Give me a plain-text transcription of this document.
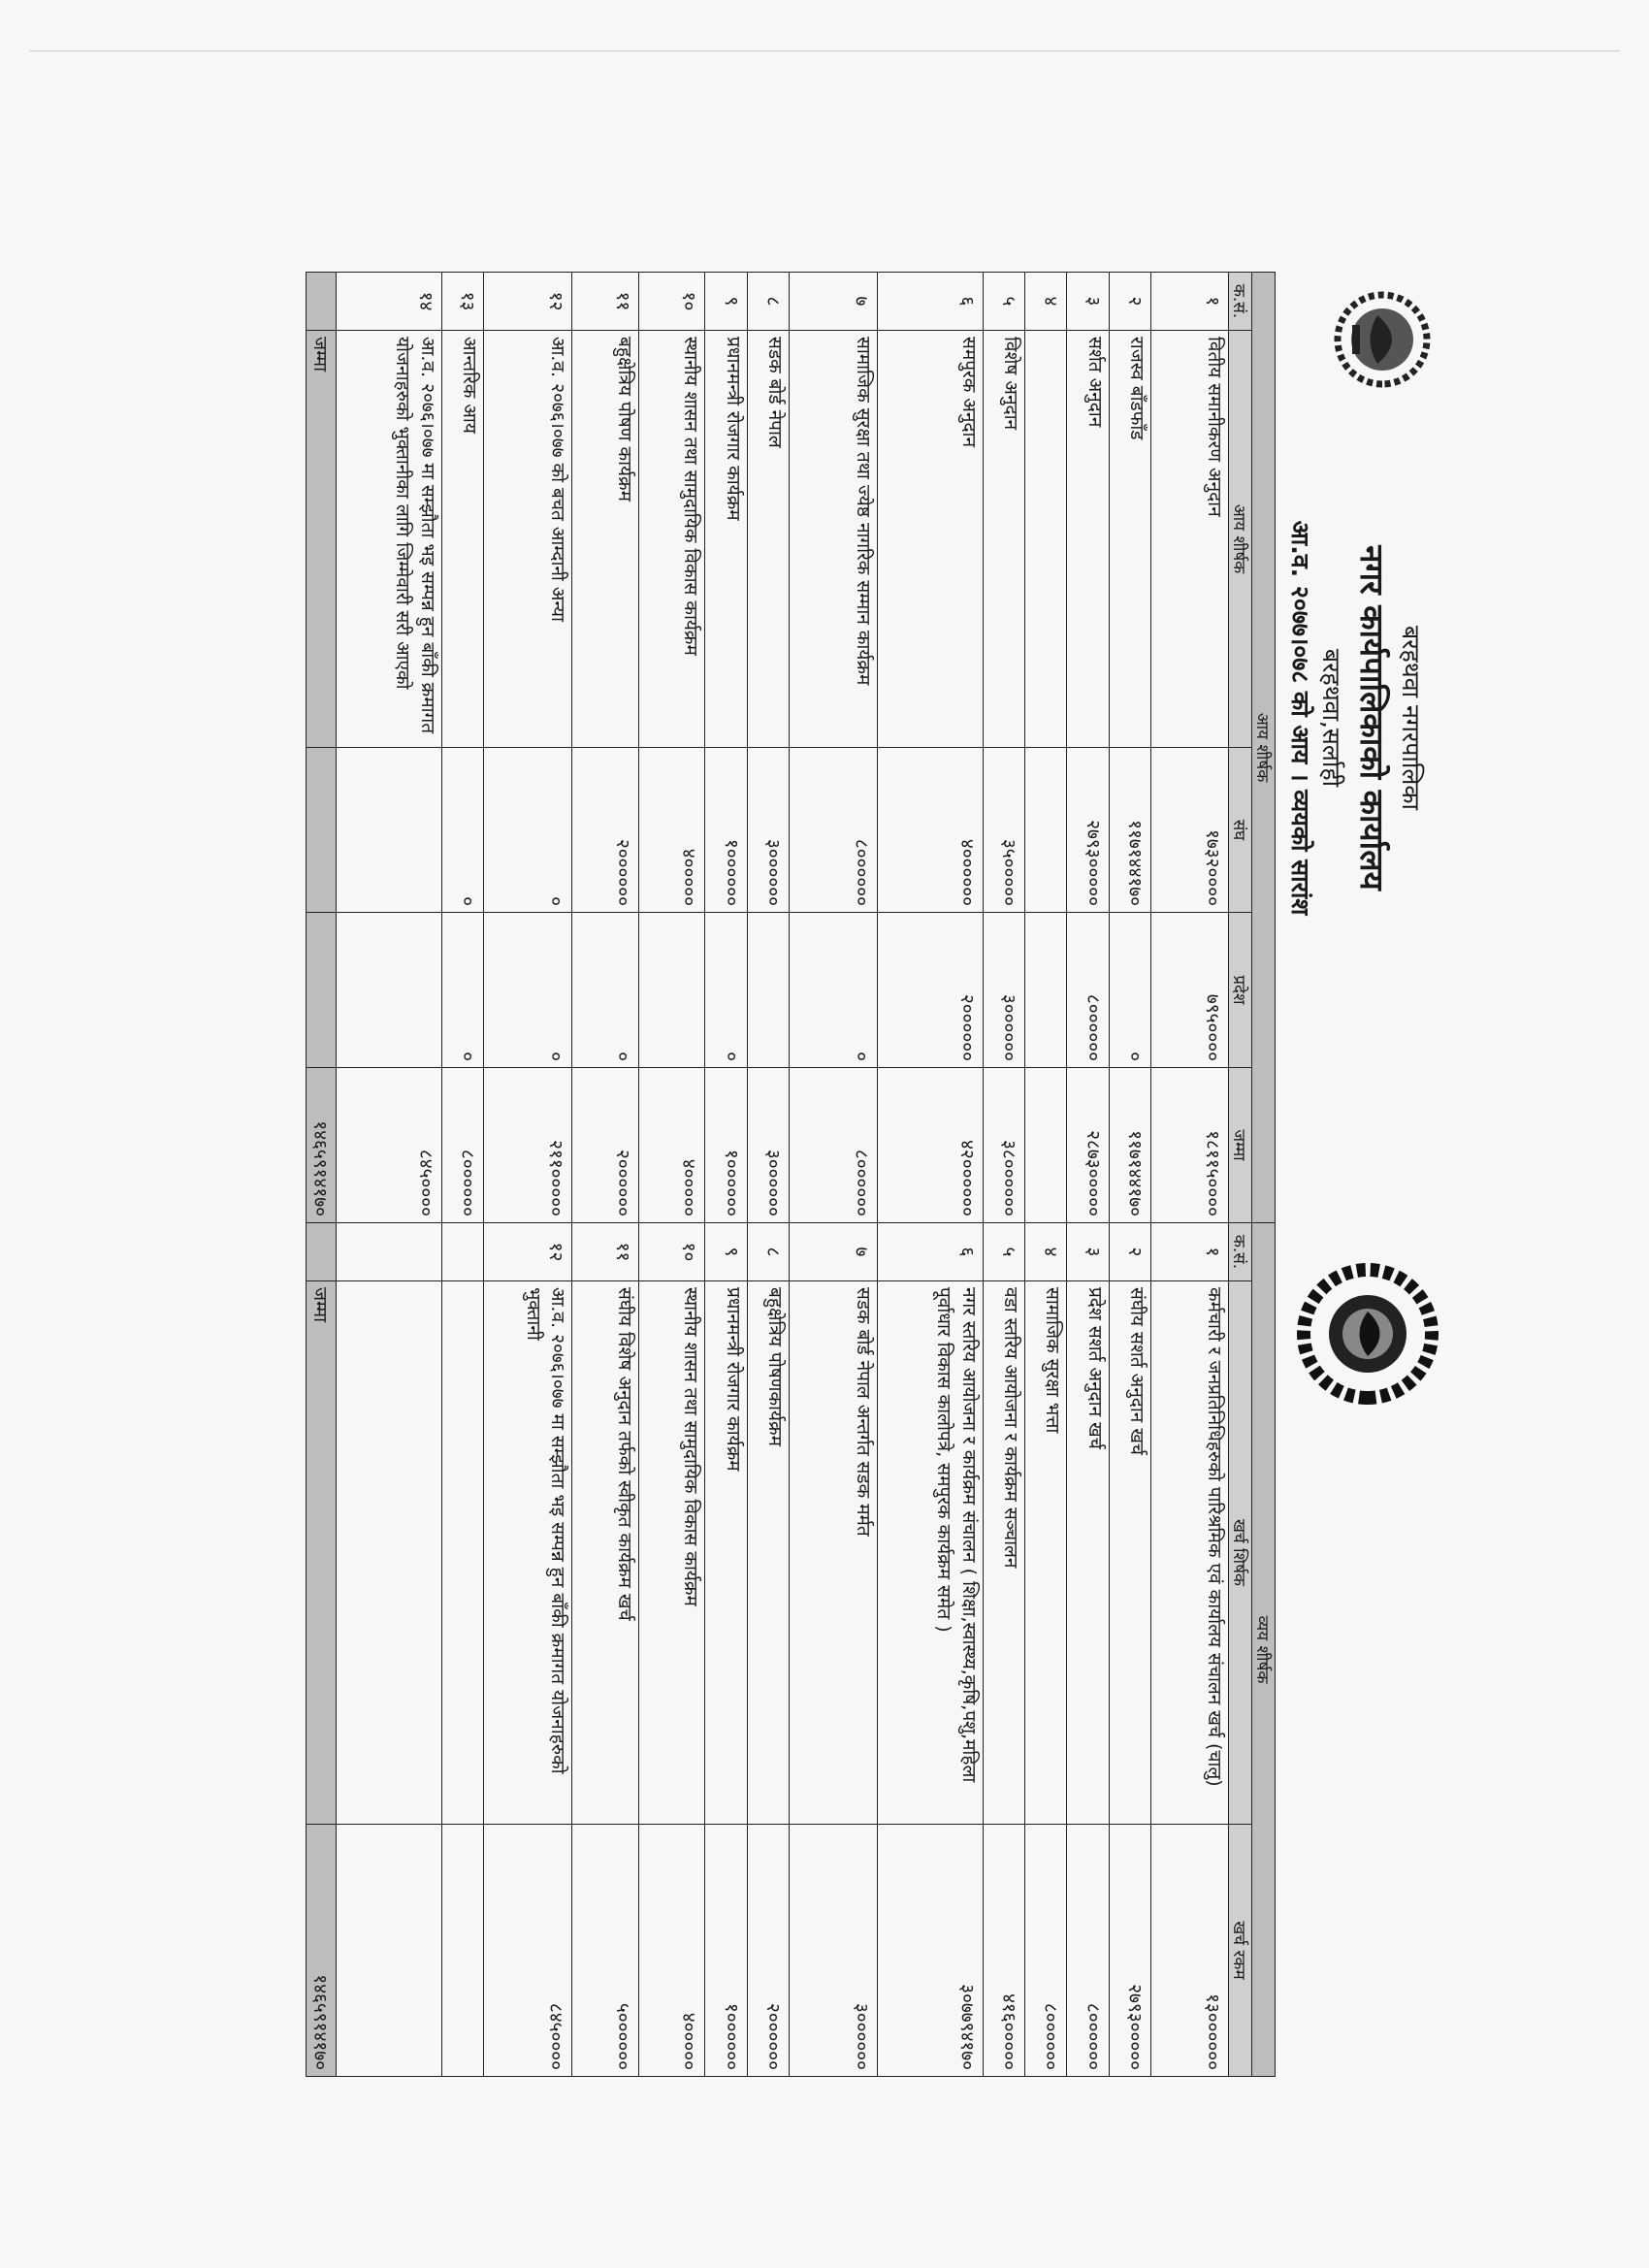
बरहथवा नगरपालिका
नगर कार्यपालिकाको कार्यालय
बरहथवा,सर्लाही
आ.व. २०७७।०७८ को आय । व्ययको सारांश
आय शीर्षक				
क.सं.	आय शीर्षक	संघ	प्रदेश	जम्मा
१	वितीय समानीकरण अनुदान	१७३२००००	७९५००००	१८११५००००
२	राजस्व बाँडफाँड	११७१४४१७०	०	११७१४४१७०
३	सर्शत अनुदान	२७९३०००००	८००००००	२८७३०००००
४				
५	विशेष अनुदान	३५०००००	३००००००	३८००००००
६	समपुरक अनुदान	४००००००	२००००००	४२००००००
७	सामाजिक सुरक्षा तथा ज्येष्ठ नागरिक सम्मान कार्यक्रम	८००००००	०	८००००००
८	सडक बोर्ड नेपाल	३००००००		३००००००
९	प्रधानमन्त्री रोजगार कार्यक्रम	१००००००	०	१००००००
१०	स्थानीय शासन तथा सामुदायिक विकास कार्यक्रम	४०००००		४०००००
११	बहुक्षेत्रिय पोषण कार्यक्रम	२००००००	०	२००००००
१२	आ.व. २०७६।०७७ को बचत आम्दानी अन्या	०	०	२११०००००
१३	आन्तरिक आय	०	०	८००००००
१४	आ.व. २०७६।०७७ मा सम्झौता भइ सम्पन्न हुन बाँकी क्रमागत योजनाहरुको भुक्तानीका लागि जिम्मेवारी सरी आएको			८४५००००
	जम्मा			१४६५९१४१७०
व्यय शीर्षक		
क.सं.	खर्च शिर्षक	खर्च रकम
१	कर्मचारी र जनप्रतिनिधिहरुको पारिश्रमिक एवं कार्यालय संचालन खर्च (चालु)	१३००००००
२	संघीय सशर्त अनुदान खर्च	२७९३०००००
३	प्रदेश सशर्त अनुदान खर्च	८००००००
४	सामाजिक सुरक्षा भत्ता	८००००००
५	वडा स्तरिय आयोजना र कार्यक्रम सञ्चालन	४१६०००००
६	नगर स्तरिय आयोजना र कार्यक्रम संचालन ( शिक्षा,स्वास्थ्य,कृषि,पशु,महिला पूर्वाधार विकास कालोपत्रे, समपुरक कार्यक्रम समेत )	३०७७९४१७०
७	सडक बोर्ड नेपाल अन्तर्गत सडक मर्मत	३००००००
८	बहुक्षेत्रिय पोषणकार्यक्रम	२००००००
९	प्रधानमन्त्री रोजगार कार्यक्रम	१००००००
१०	स्थानीय शासन तथा सामुदायिक विकास कार्यक्रम	४०००००
११	संघीय विशेष अनुदान तर्फको स्वीकृत कार्यक्रम खर्च	५००००००
१२	आ.व. २०७६।०७७ मा सम्झौता भइ सम्पन्न हुन बाँकी क्रमागत योजनाहरुको भुक्तानी	८४५००००

	जम्मा	१४६५९१४१७०
